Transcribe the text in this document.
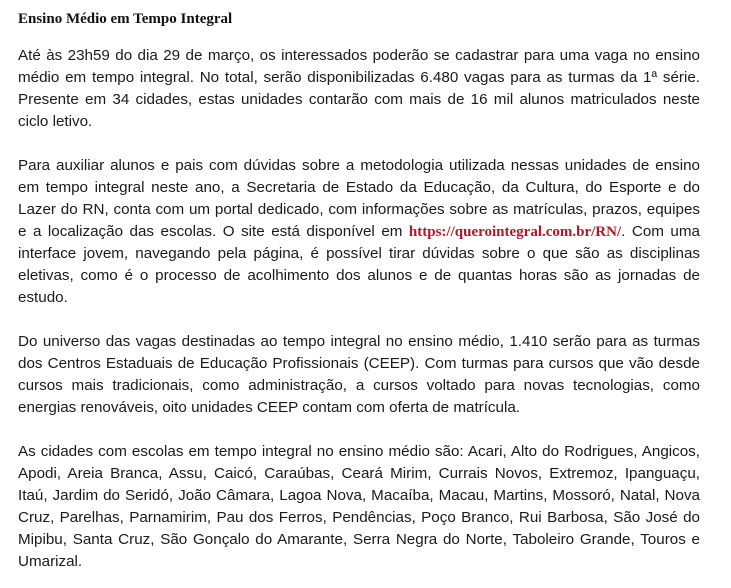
Ensino Médio em Tempo Integral

Até às 23h59 do dia 29 de março, os interessados poderão se cadastrar para uma vaga no ensino médio em tempo integral. No total, serão disponibilizadas 6.480 vagas para as turmas da 1ª série. Presente em 34 cidades, estas unidades contarão com mais de 16 mil alunos matriculados neste ciclo letivo.

Para auxiliar alunos e pais com dúvidas sobre a metodologia utilizada nessas unidades de ensino em tempo integral neste ano, a Secretaria de Estado da Educação, da Cultura, do Esporte e do Lazer do RN, conta com um portal dedicado, com informações sobre as matrículas, prazos, equipes e a localização das escolas. O site está disponível em https://querointegral.com.br/RN/. Com uma interface jovem, navegando pela página, é possível tirar dúvidas sobre o que são as disciplinas eletivas, como é o processo de acolhimento dos alunos e de quantas horas são as jornadas de estudo.

Do universo das vagas destinadas ao tempo integral no ensino médio, 1.410 serão para as turmas dos Centros Estaduais de Educação Profissionais (CEEP). Com turmas para cursos que vão desde cursos mais tradicionais, como administração, a cursos voltado para novas tecnologias, como energias renováveis, oito unidades CEEP contam com oferta de matrícula.

As cidades com escolas em tempo integral no ensino médio são: Acari, Alto do Rodrigues, Angicos, Apodi, Areia Branca, Assu, Caicó, Caraúbas, Ceará Mirim, Currais Novos, Extremoz, Ipanguaçu, Itaú, Jardim do Seridó, João Câmara, Lagoa Nova, Macaíba, Macau, Martins, Mossoró, Natal, Nova Cruz, Parelhas, Parnamirim, Pau dos Ferros, Pendências, Poço Branco, Rui Barbosa, São José do Mipibu, Santa Cruz, São Gonçalo do Amarante, Serra Negra do Norte, Taboleiro Grande, Touros e Umarizal.
